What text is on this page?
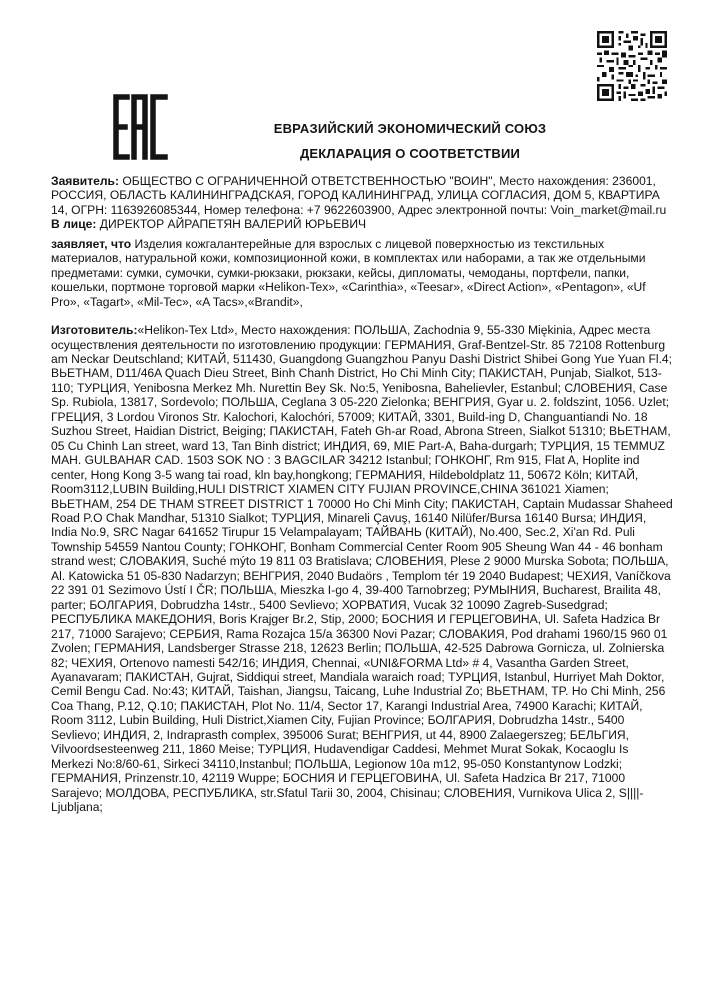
ЕВРАЗИЙСКИЙ ЭКОНОМИЧЕСКИЙ СОЮЗ
ДЕКЛАРАЦИЯ О СООТВЕТСТВИИ

Заявитель: ОБЩЕСТВО С ОГРАНИЧЕННОЙ ОТВЕТСТВЕННОСТЬЮ "ВОИН", Место нахождения: 236001, РОССИЯ, ОБЛАСТЬ КАЛИНИНГРАДСКАЯ, ГОРОД КАЛИНИНГРАД, УЛИЦА СОГЛАСИЯ, ДОМ 5, КВАРТИРА 14, ОГРН: 1163926085344, Номер телефона: +7 9622603900, Адрес электронной почты: Voin_market@mail.ru

В лице: ДИРЕКТОР АЙРАПЕТЯН ВАЛЕРИЙ ЮРЬЕВИЧ

заявляет, что Изделия кожгалантерейные для взрослых с лицевой поверхностью из текстильных материалов, натуральной кожи, композиционной кожи, в комплектах или наборами, а так же отдельными предметами: сумки, сумочки, сумки-рюкзаки, рюкзаки, кейсы, дипломаты, чемоданы, портфели, папки, кошельки, портмоне торговой марки «Helikon-Tex», «Carinthia», «Teesar», «Direct Action», «Pentagon», «Uf Pro», «Tagart», «Mil-Tec», «A Tacs»,«Brandit»,

Изготовитель:«Helikon-Tex Ltd», Место нахождения: ПОЛЬША, Zachodnia 9, 55-330 Miękinia, Адрес места осуществления деятельности по изготовлению продукции: ГЕРМАНИЯ, Graf-Bentzel-Str. 85 72108 Rottenburg am Neckar Deutschland; КИТАЙ, 511430, Guangdong Guangzhou Panyu Dashi District Shibei Gong Yue Yuan Fl.4; ВЬЕТНАМ, D11/46A Quach Dieu Street, Binh Chanh District, Ho Chi Minh City; ПАКИСТАН, Punjab, Sialkot, 513-110; ТУРЦИЯ, Yenibosna Merkez Mh. Nurettin Bey Sk. No:5, Yenibosna, Bahelievler, Estanbul; СЛОВЕНИЯ, Case Sp. Rubiola, 13817, Sordevolo; ПОЛЬША, Ceglana 3 05-220 Zielonka; ВЕНГРИЯ, Gyar u. 2. foldszint, 1056. Uzlet; ГРЕЦИЯ, 3 Lordou Vironos Str. Kalochori, Kalochóri, 57009; КИТАЙ, 3301, Build-ing D, Changuantiandi No. 18 Suzhou Street, Haidian District, Beiging; ПАКИСТАН, Fateh Gh-ar Road, Abrona Streen, Sialkot 51310; ВЬЕТНАМ, 05 Cu Chinh Lan street, ward 13, Tan Binh district; ИНДИЯ, 69, MIE Part-A, Baha-durgarh; ТУРЦИЯ, 15 TEMMUZ MAH. GULBAHAR CAD. 1503 SOK NO : 3 BAGCILAR 34212 Istanbul; ГОНКОНГ, Rm 915, Flat A, Hoplite ind center, Hong Kong 3-5 wang tai road, kln bay,hongkong; ГЕРМАНИЯ, Hildeboldplatz 11, 50672 Köln; КИТАЙ, Room3112,LUBIN Building,HULI DISTRICT XIAMEN CITY FUJIAN PROVINCE,CHINA 361021 Xiamen; ВЬЕТНАМ, 254 DE THAM STREET DISTRICT 1 70000 Ho Chi Minh City; ПАКИСТАН, Captain Mudassar Shaheed Road P.O Chak Mandhar, 51310 Sialkot; ТУРЦИЯ, Minareli Çavuş, 16140 Nilüfer/Bursa 16140 Bursa; ИНДИЯ, India No.9, SRC Nagar 641652 Tirupur 15 Velampalayam; ТАЙВАНЬ (КИТАЙ), No.400, Sec.2, Xi'an Rd. Puli Township 54559 Nantou County; ГОНКОНГ, Bonham Commercial Center Room 905 Sheung Wan 44 - 46 bonham strand west; СЛОВАКИЯ, Suché mýto 19 811 03 Bratislava; СЛОВЕНИЯ, Plese 2 9000 Murska Sobota; ПОЛЬША, Al. Katowicka 51 05-830 Nadarzyn; ВЕНГРИЯ, 2040 Budaörs , Templom tér 19 2040 Budapest; ЧЕХИЯ, Vaníčkova 22 391 01 Sezimovo Ústí I ČR; ПОЛЬША, Mieszka I-go 4, 39-400 Tarnobrzeg; РУМЫНИЯ, Bucharest, Brailita 48, parter; БОЛГАРИЯ, Dobrudzha 14str., 5400 Sevlievo; ХОРВАТИЯ, Vucak 32 10090 Zagreb-Susedgrad; РЕСПУБЛИКА МАКЕДОНИЯ, Boris Krajger Br.2, Stip, 2000; БОСНИЯ И ГЕРЦЕГОВИНА, Ul. Safeta Hadzica Br 217, 71000 Sarajevo; СЕРБИЯ, Rama Rozajca 15/a 36300 Novi Pazar; СЛОВАКИЯ, Pod drahami 1960/15 960 01 Zvolen; ГЕРМАНИЯ, Landsberger Strasse 218, 12623 Berlin; ПОЛЬША, 42-525 Dabrowa Gornicza, ul. Zolnierska 82; ЧЕХИЯ, Ortenovo namesti 542/16; ИНДИЯ, Chennai, «UNI&FORMA Ltd» # 4, Vasantha Garden Street, Ayanavaram; ПАКИСТАН, Gujrat, Siddiqui street, Mandiala waraich road; ТУРЦИЯ, Istanbul, Hurriyet Mah Doktor, Cemil Bengu Cad. No:43; КИТАЙ, Taishan, Jiangsu, Taicang, Luhe Industrial Zo; ВЬЕТНАМ, TP. Ho Chi Minh, 256 Coa Thang, P.12, Q.10; ПАКИСТАН, Plot No. 11/4, Sector 17, Karangi Industrial Area, 74900 Karachi; КИТАЙ, Room 3112, Lubin Building, Huli District,Xiamen City, Fujian Province; БОЛГАРИЯ, Dobrudzha 14str., 5400 Sevlievo; ИНДИЯ, 2, Indraprasth complex, 395006 Surat; ВЕНГРИЯ, ut 44, 8900 Zalaegerszeg; БЕЛЬГИЯ, Vilvoordsesteenweg 211, 1860 Meise; ТУРЦИЯ, Hudavendigar Caddesi, Mehmet Murat Sokak, Kocaoglu Is Merkezi No:8/60-61, Sirkeci 34110,Instanbul; ПОЛЬША, Legionow 10a m12, 95-050 Konstantynow Lodzki; ГЕРМАНИЯ, Prinzenstr.10, 42119 Wuppe; БОСНИЯ И ГЕРЦЕГОВИНА, Ul. Safeta Hadzica Br 217, 71000 Sarajevo; МОЛДОВА, РЕСПУБЛИКА, str.Sfatul Tarii 30, 2004, Chisinau; СЛОВЕНИЯ, Vurnikova Ulica 2, S||||-Ljubljana;
